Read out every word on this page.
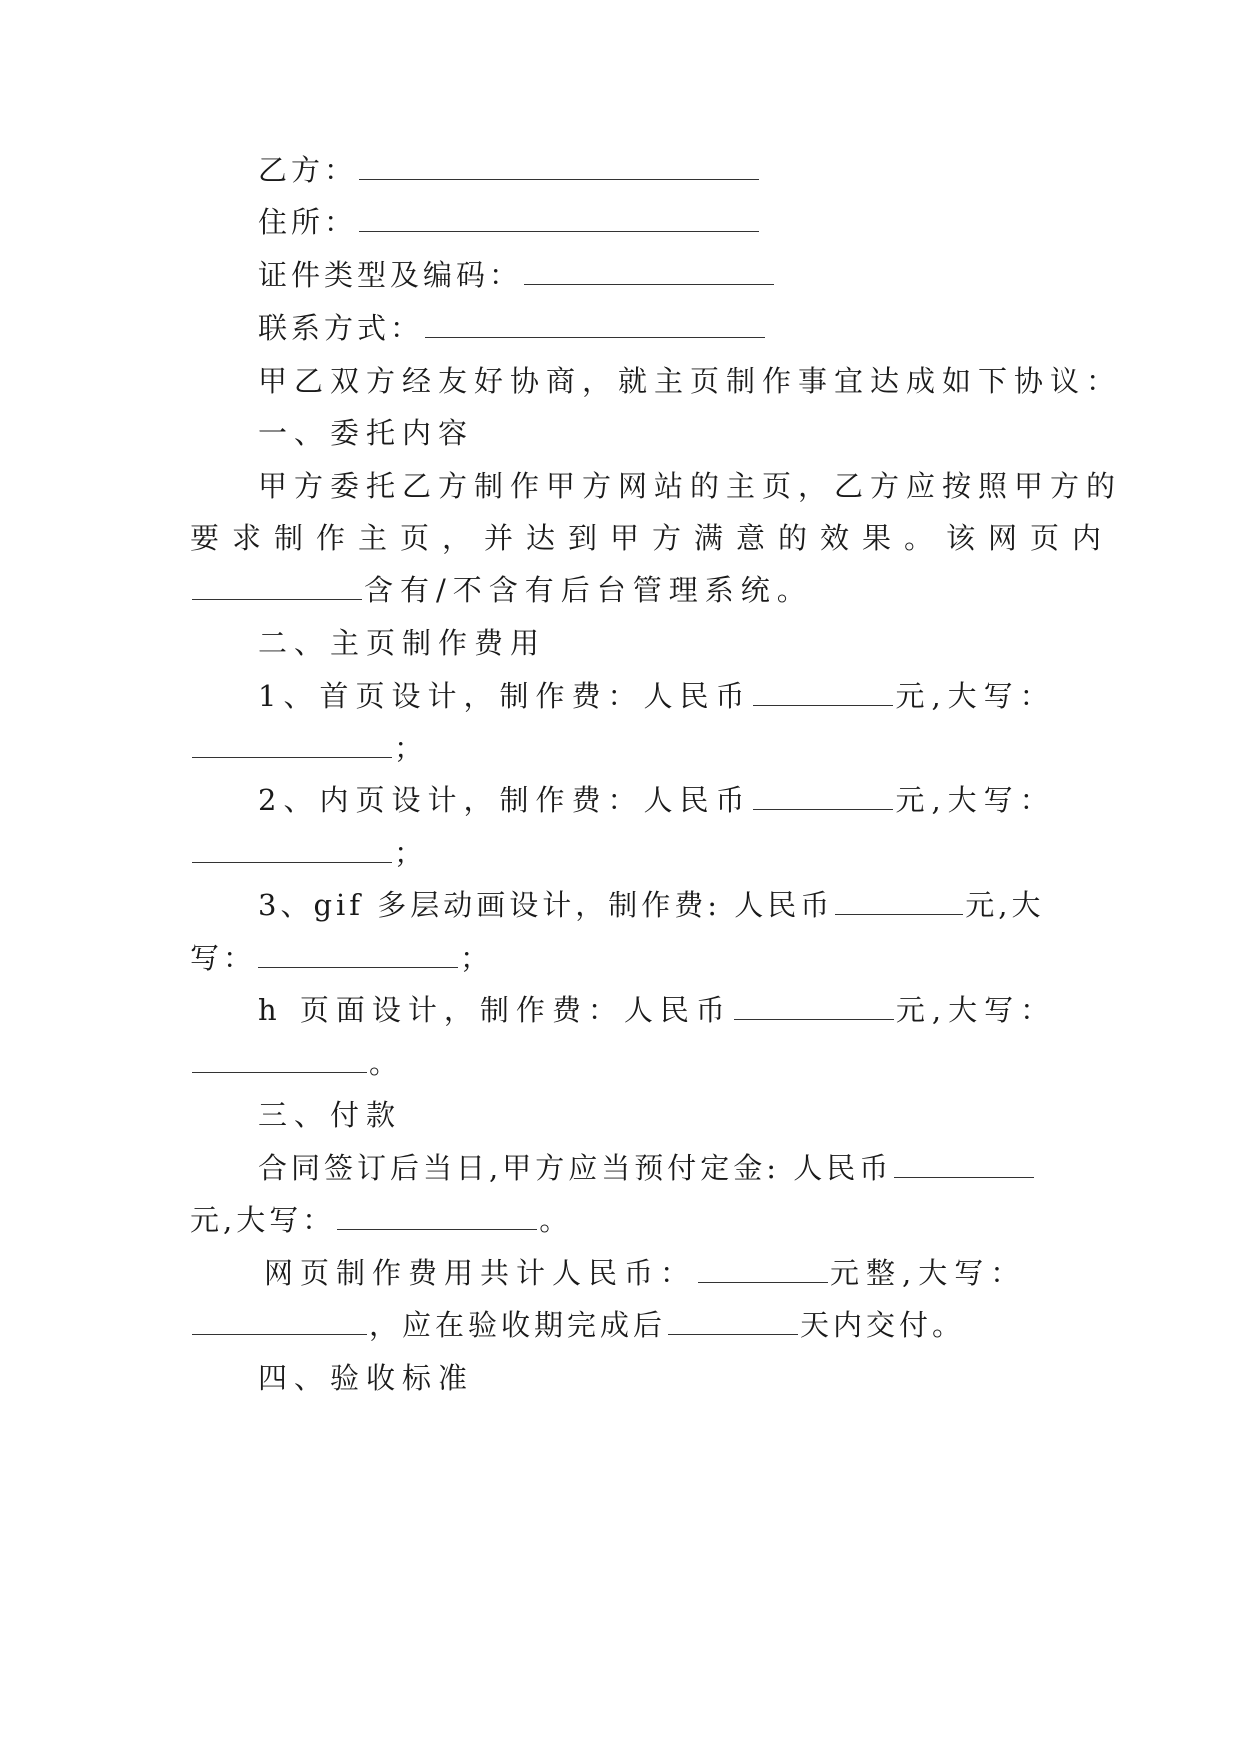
乙方：
住所：
证件类型及编码：
联系方式：
甲乙双方经友好协商，就主页制作事宜达成如下协议：
一、委托内容
甲方委托乙方制作甲方网站的主页，乙方应按照甲方的
要求制作主页，并达到甲方满意的效果。该网页内
含有/不含有后台管理系统。
二、主页制作费用
1、首页设计，制作费：人民币	元,大写：
；
2、内页设计，制作费：人民币	元,大写：
；
3、gif 多层动画设计，制作费: 人民币	元,大
写：	；
h 页面设计，制作费：人民币	元,大写：
。
三、付款
合同签订后当日,甲方应当预付定金: 人民币
元,大写：	。
网页制作费用共计人民币：	元整,大写：
，应在验收期完成后	天内交付。
四、验收标准
